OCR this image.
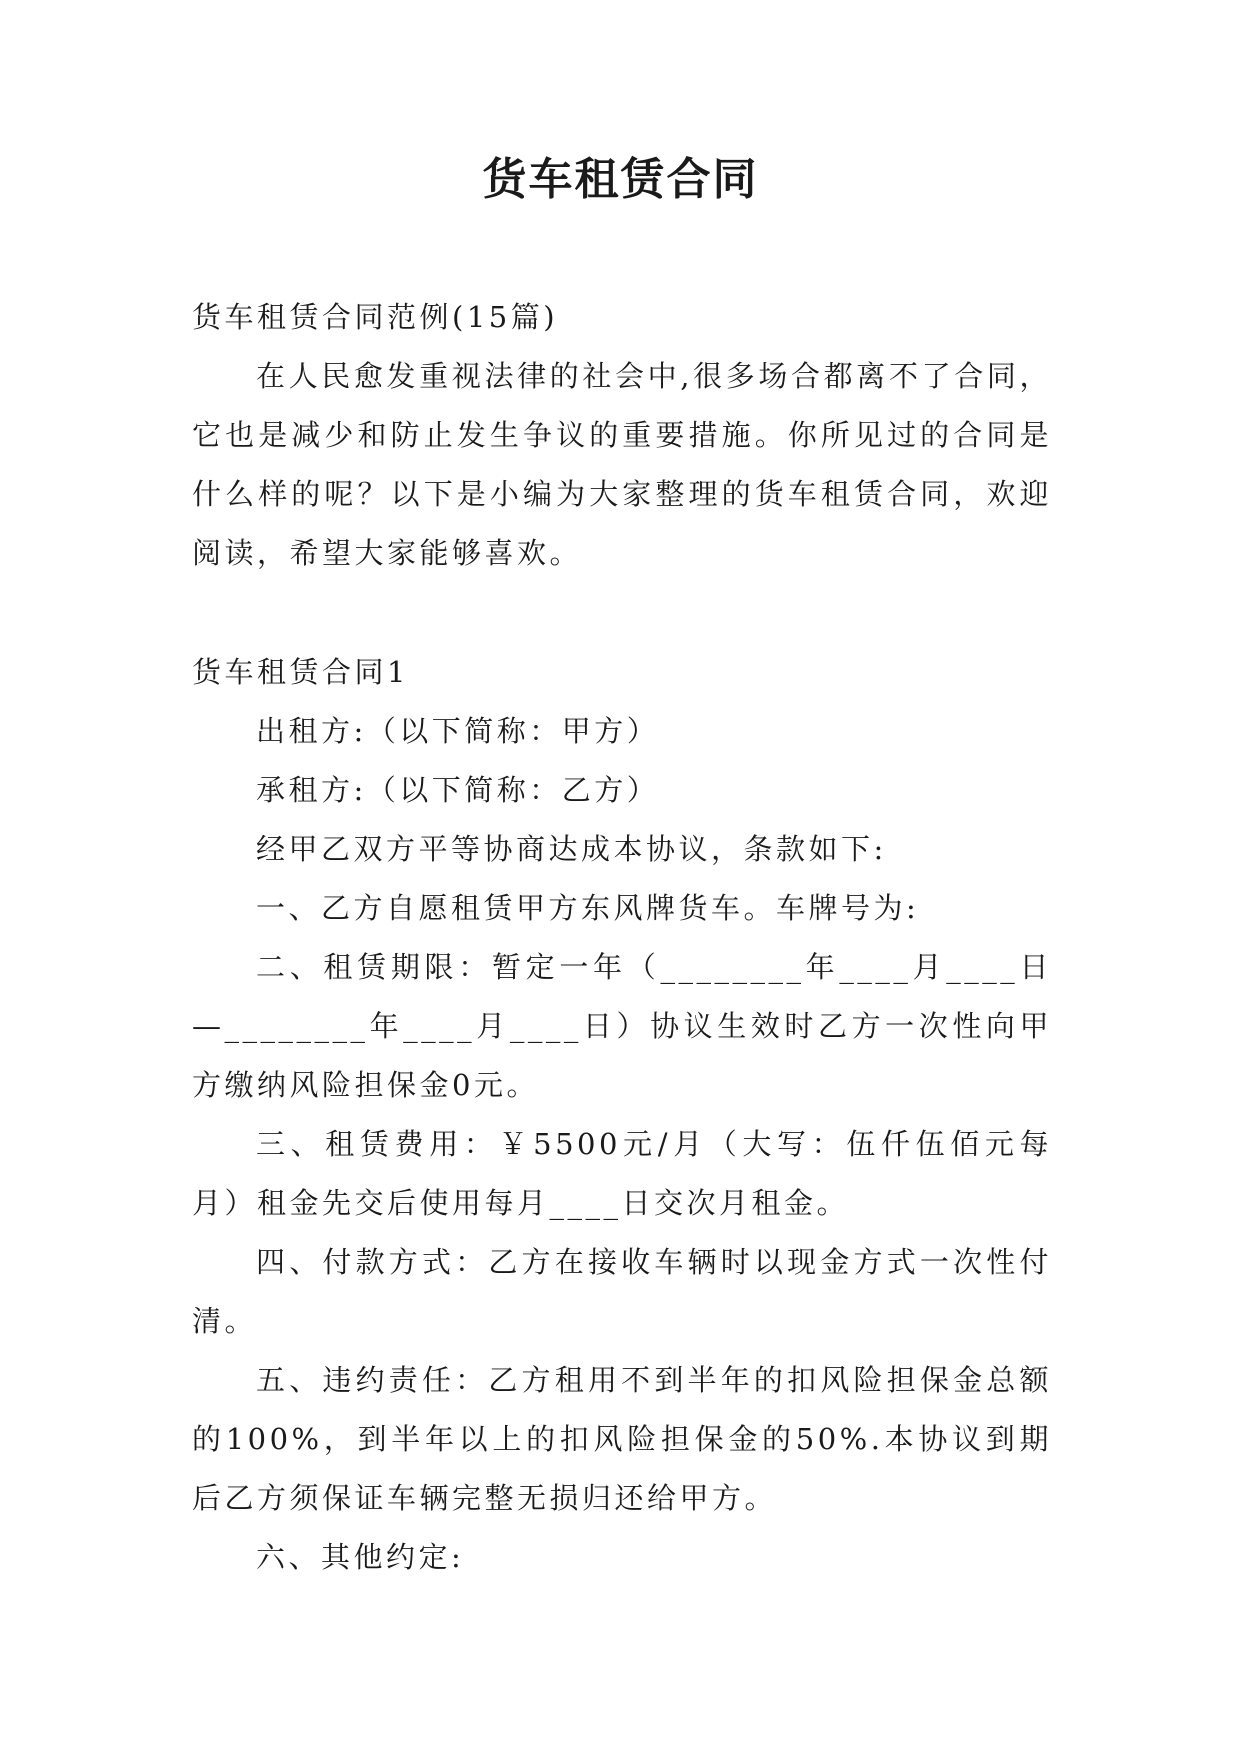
货车租赁合同

货车租赁合同范例(15篇)

在人民愈发重视法律的社会中,很多场合都离不了合同，它也是减少和防止发生争议的重要措施。你所见过的合同是什么样的呢？以下是小编为大家整理的货车租赁合同，欢迎阅读，希望大家能够喜欢。

货车租赁合同1

出租方:（以下简称：甲方）

承租方:（以下简称：乙方）

经甲乙双方平等协商达成本协议，条款如下:

一、乙方自愿租赁甲方东风牌货车。车牌号为:

二、租赁期限：暂定一年（________年____月____日—________年____月____日）协议生效时乙方一次性向甲方缴纳风险担保金0元。

三、租赁费用：￥5500元/月（大写：伍仟伍佰元每月）租金先交后使用每月____日交次月租金。

四、付款方式：乙方在接收车辆时以现金方式一次性付清。

五、违约责任：乙方租用不到半年的扣风险担保金总额的100%，到半年以上的扣风险担保金的50%.本协议到期后乙方须保证车辆完整无损归还给甲方。

六、其他约定:
